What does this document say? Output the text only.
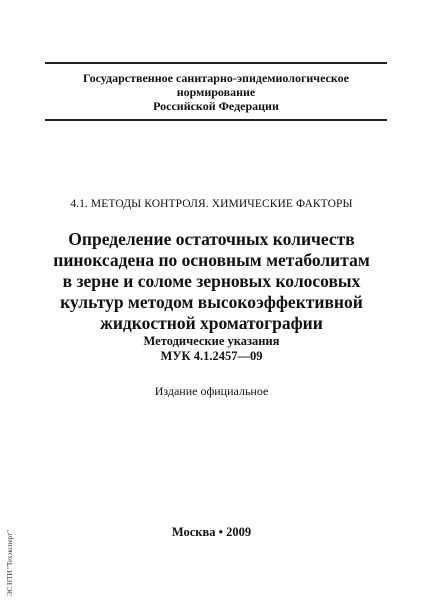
Государственное санитарно-эпидемиологическое нормирование
Российской Федерации
4.1. МЕТОДЫ КОНТРОЛЯ. ХИМИЧЕСКИЕ ФАКТОРЫ
Определение остаточных количеств
пиноксадена по основным метаболитам
в зерне и соломе зерновых колосовых
культур методом высокоэффективной
жидкостной хроматографии
Методические указания
МУК 4.1.2457—09
Издание официальное
Москва • 2009
ЭС НТИ "Техэксперт"
